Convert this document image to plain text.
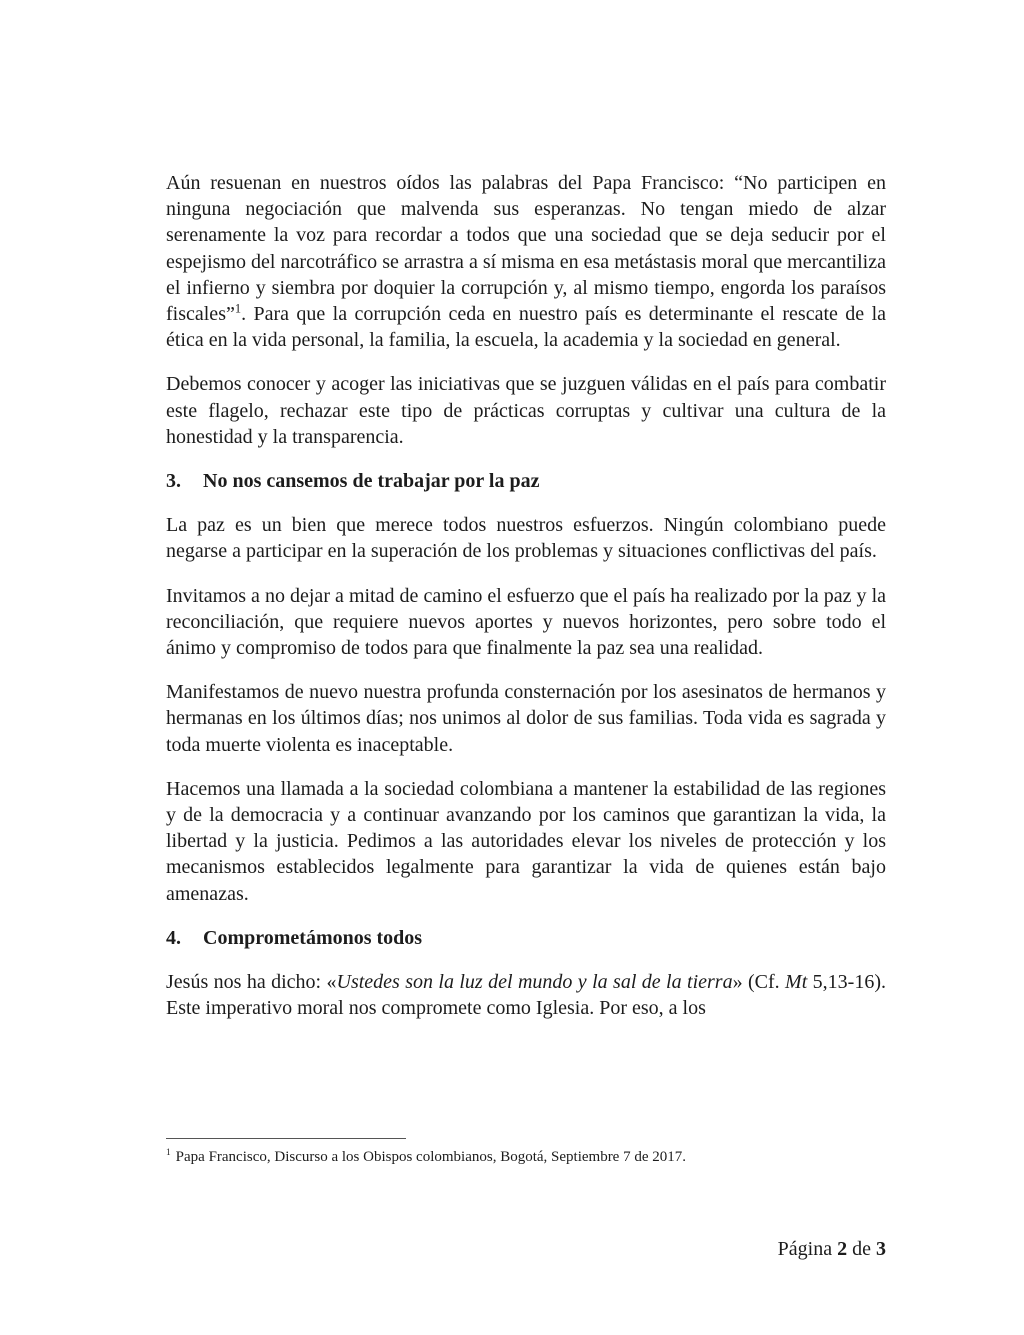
Aún resuenan en nuestros oídos las palabras del Papa Francisco: “No participen en ninguna negociación que malvenda sus esperanzas. No tengan miedo de alzar serenamente la voz para recordar a todos que una sociedad que se deja seducir por el espejismo del narcotráfico se arrastra a sí misma en esa metástasis moral que mercantiliza el infierno y siembra por doquier la corrupción y, al mismo tiempo, engorda los paraísos fiscales”$^1$. Para que la corrupción ceda en nuestro país es determinante el rescate de la ética en la vida personal, la familia, la escuela, la academia y la sociedad en general.

Debemos conocer y acoger las iniciativas que se juzguen válidas en el país para combatir este flagelo, rechazar este tipo de prácticas corruptas y cultivar una cultura de la honestidad y la transparencia.

3. No nos cansemos de trabajar por la paz

La paz es un bien que merece todos nuestros esfuerzos. Ningún colombiano puede negarse a participar en la superación de los problemas y situaciones conflictivas del país.

Invitamos a no dejar a mitad de camino el esfuerzo que el país ha realizado por la paz y la reconciliación, que requiere nuevos aportes y nuevos horizontes, pero sobre todo el ánimo y compromiso de todos para que finalmente la paz sea una realidad.

Manifestamos de nuevo nuestra profunda consternación por los asesinatos de hermanos y hermanas en los últimos días; nos unimos al dolor de sus familias. Toda vida es sagrada y toda muerte violenta es inaceptable.

Hacemos una llamada a la sociedad colombiana a mantener la estabilidad de las regiones y de la democracia y a continuar avanzando por los caminos que garantizan la vida, la libertad y la justicia. Pedimos a las autoridades elevar los niveles de protección y los mecanismos establecidos legalmente para garantizar la vida de quienes están bajo amenazas.

4. Comprometámonos todos

Jesús nos ha dicho: «Ustedes son la luz del mundo y la sal de la tierra» (Cf. Mt 5,13-16). Este imperativo moral nos compromete como Iglesia. Por eso, a los

$^1$ Papa Francisco, Discurso a los Obispos colombianos, Bogotá, Septiembre 7 de 2017.
Página 2 de 3
